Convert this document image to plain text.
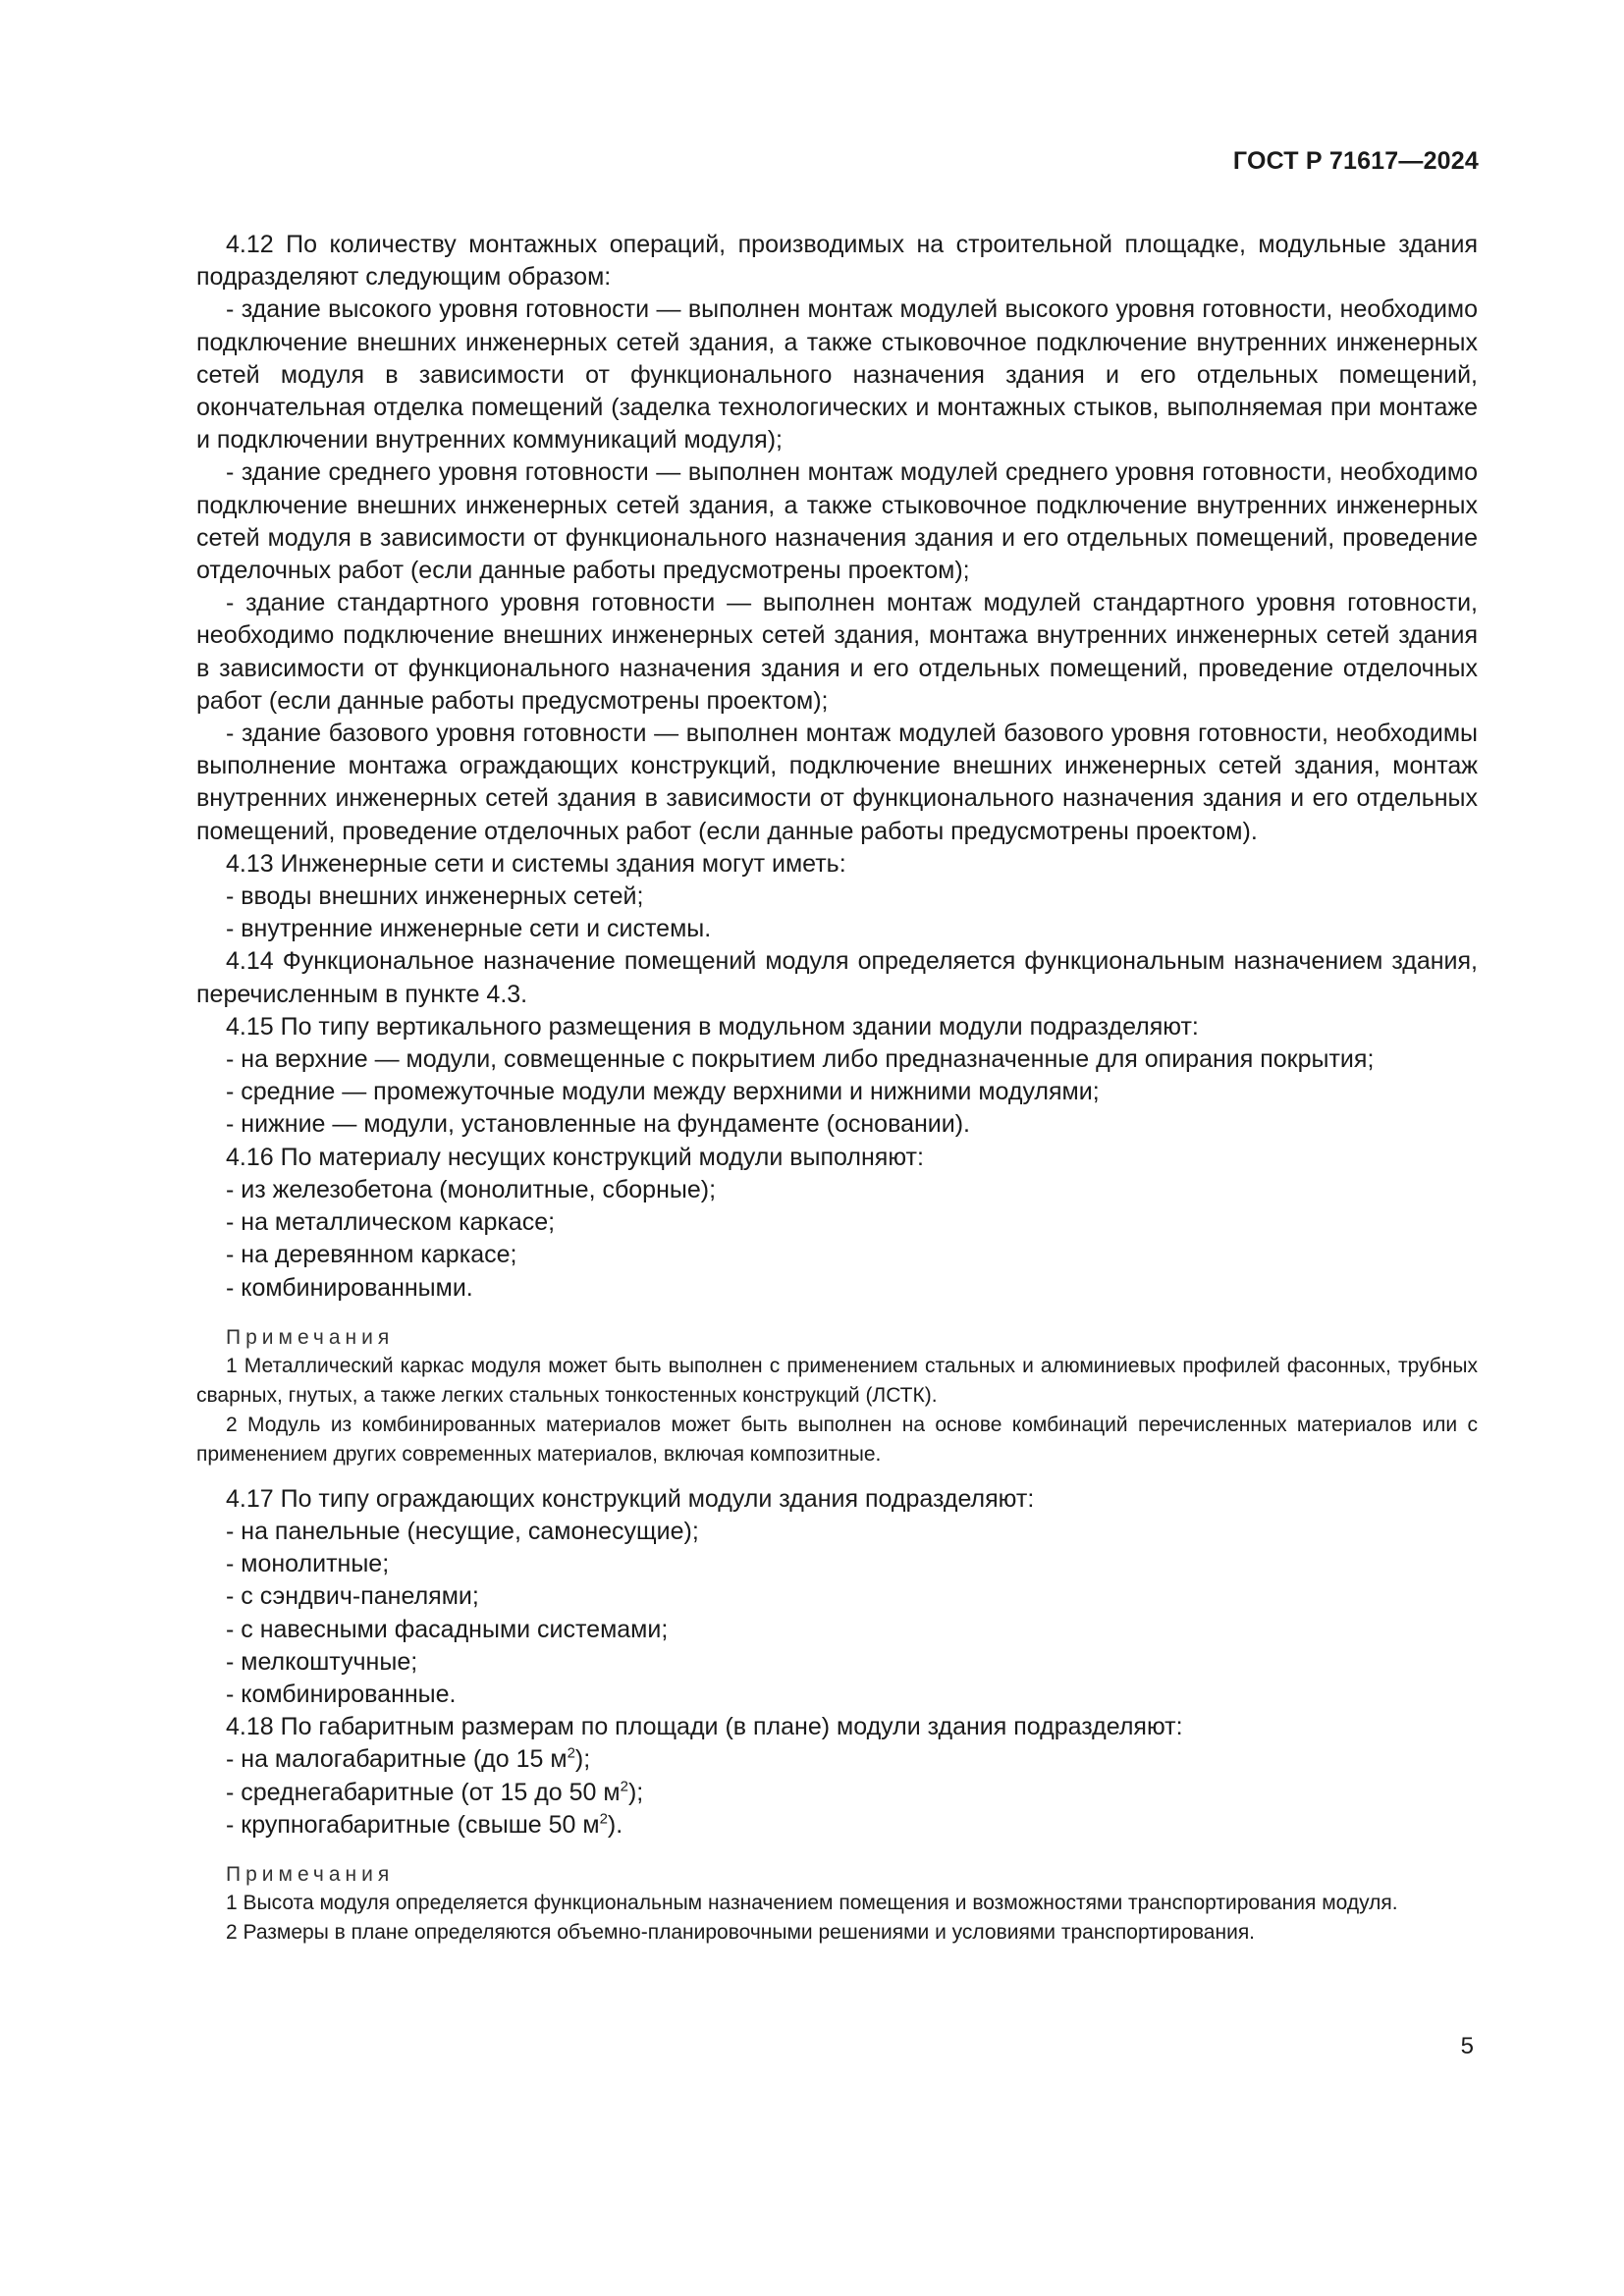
ГОСТ Р 71617—2024

4.12 По количеству монтажных операций, производимых на строительной площадке, модульные здания подразделяют следующим образом:

- здание высокого уровня готовности — выполнен монтаж модулей высокого уровня готовности, необходимо подключение внешних инженерных сетей здания, а также стыковочное подключение внутренних инженерных сетей модуля в зависимости от функционального назначения здания и его отдельных помещений, окончательная отделка помещений (заделка технологических и монтажных стыков, выполняемая при монтаже и подключении внутренних коммуникаций модуля);

- здание среднего уровня готовности — выполнен монтаж модулей среднего уровня готовности, необходимо подключение внешних инженерных сетей здания, а также стыковочное подключение внутренних инженерных сетей модуля в зависимости от функционального назначения здания и его отдельных помещений, проведение отделочных работ (если данные работы предусмотрены проектом);

- здание стандартного уровня готовности — выполнен монтаж модулей стандартного уровня готовности, необходимо подключение внешних инженерных сетей здания, монтажа внутренних инженерных сетей здания в зависимости от функционального назначения здания и его отдельных помещений, проведение отделочных работ (если данные работы предусмотрены проектом);

- здание базового уровня готовности — выполнен монтаж модулей базового уровня готовности, необходимы выполнение монтажа ограждающих конструкций, подключение внешних инженерных сетей здания, монтаж внутренних инженерных сетей здания в зависимости от функционального назначения здания и его отдельных помещений, проведение отделочных работ (если данные работы предусмотрены проектом).

4.13 Инженерные сети и системы здания могут иметь:

- вводы внешних инженерных сетей;

- внутренние инженерные сети и системы.

4.14 Функциональное назначение помещений модуля определяется функциональным назначением здания, перечисленным в пункте 4.3.

4.15 По типу вертикального размещения в модульном здании модули подразделяют:

- на верхние — модули, совмещенные с покрытием либо предназначенные для опирания покрытия;

- средние — промежуточные модули между верхними и нижними модулями;

- нижние — модули, установленные на фундаменте (основании).

4.16 По материалу несущих конструкций модули выполняют:

- из железобетона (монолитные, сборные);

- на металлическом каркасе;

- на деревянном каркасе;

- комбинированными.

Примечания

1 Металлический каркас модуля может быть выполнен с применением стальных и алюминиевых профилей фасонных, трубных сварных, гнутых, а также легких стальных тонкостенных конструкций (ЛСТК).

2 Модуль из комбинированных материалов может быть выполнен на основе комбинаций перечисленных материалов или с применением других современных материалов, включая композитные.

4.17 По типу ограждающих конструкций модули здания подразделяют:

- на панельные (несущие, самонесущие);

- монолитные;

- с сэндвич-панелями;

- с навесными фасадными системами;

- мелкоштучные;

- комбинированные.

4.18 По габаритным размерам по площади (в плане) модули здания подразделяют:

- на малогабаритные (до 15 $м^2$);

- среднегабаритные (от 15 до 50 $м^2$);

- крупногабаритные (свыше 50 $м^2$).

Примечания

1 Высота модуля определяется функциональным назначением помещения и возможностями транспортирования модуля.

2 Размеры в плане определяются объемно-планировочными решениями и условиями транспортирования.

5
